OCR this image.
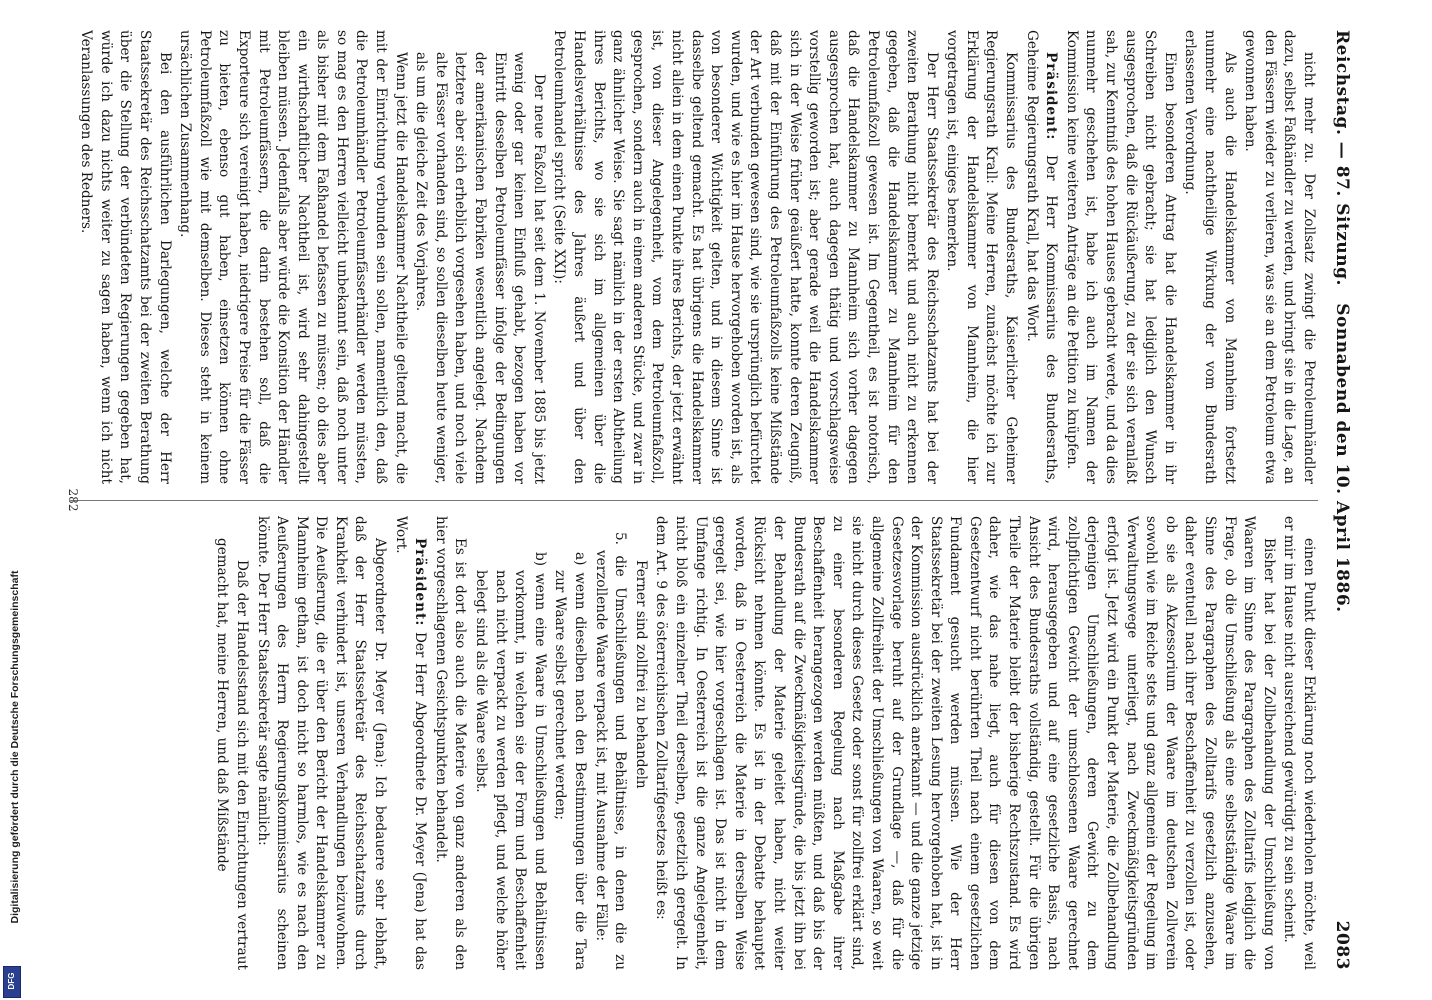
Digitalisierung gefördert durch die Deutsche Forschungsgemeinschaft
DFG
Reichstag. — 87. Sitzung.
Sonnabend den 10. April 1886.                                                2083

nicht mehr zu. Der Zollsatz zwingt die Petroleumhändler dazu, selbst Faßhändler zu werden, und bringt sie in die Lage, an den Fässern wieder zu verlieren, was sie an dem Petroleum etwa gewonnen haben.

Als auch die Handelskammer von Mannheim fortsetzt nunmehr eine nachtheilige Wirkung der vom Bundesrath erlassenen Verordnung.

Einen besonderen Antrag hat die Handelskammer in ihr Schreiben nicht gebracht; sie hat lediglich den Wunsch ausgesprochen, daß die Rückäußerung, zu der sie sich veranlaßt sah, zur Kenntniß des hohen Hauses gebracht werde, und da dies nunmehr geschehen ist, habe ich auch im Namen der Kommission keine weiteren Anträge an die Petition zu knüpfen.

Präsident: Der Herr Kommissarius des Bundesraths, Geheime Regierungsrath Krall, hat das Wort.

Kommissarius des Bundesraths, Kaiserlicher Geheimer Regierungsrath Krall: Meine Herren, zunächst möchte ich zur Erklärung der Handelskammer von Mannheim, die hier vorgetragen ist, einiges bemerken.

Der Herr Staatssekretär des Reichsschatzamts hat bei der zweiten Berathung nicht bemerkt und auch nicht zu erkennen gegeben, daß die Handelskammer zu Mannheim für den Petroleumfaßzoll gewesen ist. Im Gegentheil, es ist notorisch, daß die Handelskammer zu Mannheim sich vorher dagegen ausgesprochen hat, auch dagegen thätig und vorschlagsweise vorstellig geworden ist; aber gerade weil die Handelskammer sich in der Weise früher geäußert hatte, konnte deren Zeugniß, daß mit der Einführung des Petroleumfaßzolls keine Mißstände der Art verbunden gewesen sind, wie sie ursprünglich befürchtet wurden, und wie es hier im Hause hervorgehoben worden ist, als von besonderer Wichtigkeit gelten, und in diesem Sinne ist dasselbe geltend gemacht. Es hat übrigens die Handelskammer nicht allein in dem einen Punkte ihres Berichts, der jetzt erwähnt ist, von dieser Angelegenheit, vom dem Petroleumfaßzoll, gesprochen, sondern auch in einem anderen Stücke, und zwar in ganz ähnlicher Weise. Sie sagt nämlich in der ersten Abtheilung ihres Berichts, wo sie sich im allgemeinen über die Handelsverhältnisse des Jahres äußert und über den Petroleumhandel spricht (Seite XXI):

Der neue Faßzoll hat seit dem 1. November 1885 bis jetzt wenig oder gar keinen Einfluß gehabt, bezogen haben vor Eintritt desselben Petroleumfässer infolge der Bedingungen der amerikanischen Fabriken wesentlich angelegt. Nachdem letztere aber sich erheblich vorgesehen haben, und noch viele alte Fässer vorhanden sind, so sollen dieselben heute weniger, als um die gleiche Zeit des Vorjahres.

Wenn jetzt die Handelskammer Nachtheile geltend macht, die mit der Einrichtung verbunden sein sollen, namentlich den, daß die Petroleumhändler Petroleumfässerhändler werden müssten, so mag es den Herren vielleicht unbekannt sein, daß noch unter als bisher mit dem Faßhandel befassen zu müssen; ob dies aber ein wirthschaftlicher Nachtheil ist, wird sehr dahingestellt bleiben müssen. Jedenfalls aber würde die Konsition der Händler mit Petroleumfässern, die darin bestehen soll, daß die Exporteure sich vereinigt haben, niedrigere Preise für die Fässer zu bieten, ebenso gut haben, einsetzen können ohne Petroleumfaßzoll wie mit demselben. Dieses steht in keinem ursächlichen Zusammenhang.

Bei den ausführlichen Darlegungen, welche der Herr Staatssekretär des Reichsschatzamts bei der zweiten Berathung über die Stellung der verbündeten Regierungen gegeben hat, würde ich dazu nichts weiter zu sagen haben, wenn ich nicht Veranlassungen des Redners.

einen Punkt dieser Erklärung noch wiederholen möchte, weil er mir im Hause nicht ausreichend gewürdigt zu sein scheint.

Bisher hat bei der Zollbehandlung der Umschließung von Waaren im Sinne des Paragraphen des Zolltarifs lediglich die Frage, ob die Umschließung als eine selbstständige Waare im Sinne des Paragraphen des Zolltarifs gesetzlich anzusehen, daher eventuell nach ihrer Beschaffenheit zu verzollen ist, oder ob sie als Akzessorium der Waare im deutschen Zollverein sowohl wie im Reiche stets und ganz allgemein der Regelung im Verwaltungswege unterliegt, nach Zweckmäßigkeitsgründen erfolgt ist. Jetzt wird ein Punkt der Materie, die Zollbehandlung derjenigen Umschließungen, deren Gewicht zu dem zollpflichtigen Gewicht der umschlossenen Waare gerechnet wird, herausgegeben und auf eine gesetzliche Basis, nach Ansicht des Bundesraths vollständig, gestellt. Für die übrigen Theile der Materie bleibt der bisherige Rechtszustand. Es wird daher, wie das nahe liegt, auch für diesen von dem Gesetzentwurf nicht berührten Theil nach einem gesetzlichen Fundament gesucht werden müssen. Wie der Herr Staatssekretär bei der zweiten Lesung hervorgehoben hat, ist in der Kommission ausdrücklich anerkannt — und die ganze jetzige Gesetzesvorlage beruht auf der Grundlage —, daß für die allgemeine Zollfreiheit der Umschließungen von Waaren, so weit sie nicht durch dieses Gesetz oder sonst für zollfrei erklärt sind, zu einer besonderen Regelung nach Maßgabe ihrer Beschaffenheit herangezogen werden müßten, und daß bis der Bundesrath auf die Zweckmäßigkeitsgründe, die bis jetzt ihn bei der Behandlung der Materie geleitet haben, nicht weiter Rücksicht nehmen könnte. Es ist in der Debatte behauptet worden, daß in Oesterreich die Materie in derselben Weise geregelt sei, wie hier vorgeschlagen ist. Das ist nicht in dem Umfange richtig. In Oesterreich ist die ganze Angelegenheit, nicht bloß ein einzelner Theil derselben, gesetzlich geregelt. In dem Art. 9 des österreichischen Zolltarifgesetzes heißt es:

Ferner sind zollfrei zu behandeln

5. die Umschließungen und Behältnisse, in denen die zu verzollende Waare verpackt ist, mit Ausnahme der Fälle:

a) wenn dieselben nach den Bestimmungen über die Tara zur Waare selbst gerechnet werden;

b) wenn eine Waare in Umschließungen und Behältnissen vorkommt, in welchen sie der Form und Beschaffenheit nach nicht verpackt zu werden pflegt, und welche höher belegt sind als die Waare selbst.

Es ist dort also auch die Materie von ganz anderen als den hier vorgeschlagenen Gesichtspunkten behandelt.

Präsident: Der Herr Abgeordnete Dr. Meyer (Jena) hat das Wort.

Abgeordneter Dr. Meyer (Jena): Ich bedauere sehr lebhaft, daß der Herr Staatssekretär des Reichsschatzamts durch Krankheit verhindert ist, unseren Verhandlungen beizuwohnen. Die Aeußerung, die er über den Bericht der Handelskammer zu Mannheim gethan, ist doch nicht so harmlos, wie es nach den Aeußerungen des Herrn Regierungskommissarius scheinen könnte. Der Herr Staatssekretär sagte nämlich:

Daß der Handelsstand sich mit den Einrichtungen vertraut gemacht hat, meine Herren, und daß Mißstände

282
